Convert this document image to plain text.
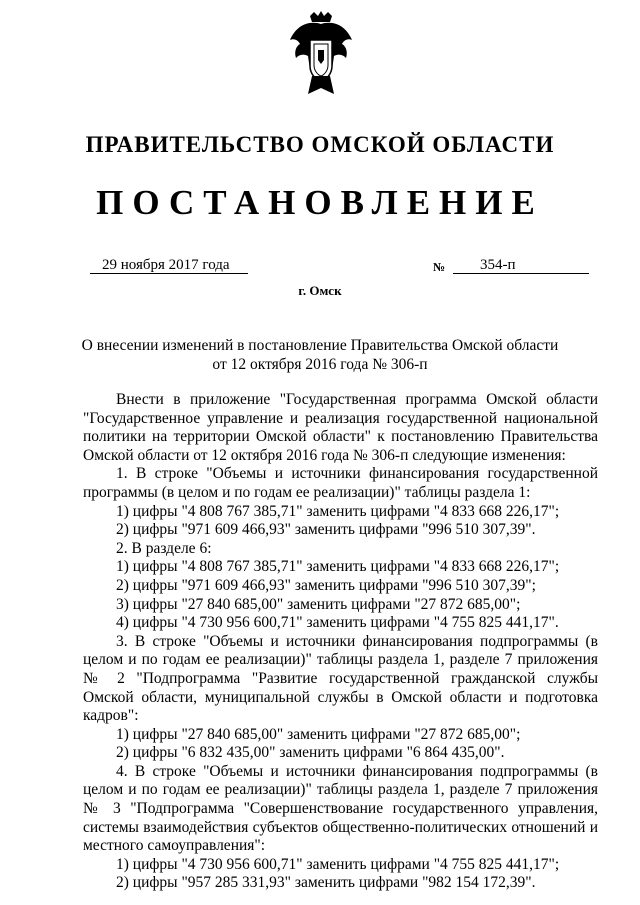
ПРАВИТЕЛЬСТВО ОМСКОЙ ОБЛАСТИ
ПОСТАНОВЛЕНИЕ
29 ноября 2017 года	№	354-п
г. Омск
О внесении изменений в постановление Правительства Омской области
от 12 октября 2016 года № 306-п

Внести в приложение "Государственная программа Омской области "Государственное управление и реализация государственной национальной политики на территории Омской области" к постановлению Правительства Омской области от 12 октября 2016 года № 306-п следующие изменения:

1. В строке "Объемы и источники финансирования государственной программы (в целом и по годам ее реализации)" таблицы раздела 1:

1) цифры "4 808 767 385,71" заменить цифрами "4 833 668 226,17";

2) цифры "971 609 466,93" заменить цифрами "996 510 307,39".

2. В разделе 6:

1) цифры "4 808 767 385,71" заменить цифрами "4 833 668 226,17";

2) цифры "971 609 466,93" заменить цифрами "996 510 307,39";

3) цифры "27 840 685,00" заменить цифрами "27 872 685,00";

4) цифры "4 730 956 600,71" заменить цифрами "4 755 825 441,17".

3. В строке "Объемы и источники финансирования подпрограммы (в целом и по годам ее реализации)" таблицы раздела 1, разделе 7 приложения № 2 "Подпрограмма "Развитие государственной гражданской службы Омской области, муниципальной службы в Омской области и подготовка кадров":

1) цифры "27 840 685,00" заменить цифрами "27 872 685,00";

2) цифры "6 832 435,00" заменить цифрами "6 864 435,00".

4. В строке "Объемы и источники финансирования подпрограммы (в целом и по годам ее реализации)" таблицы раздела 1, разделе 7 приложения № 3 "Подпрограмма "Совершенствование государственного управления, системы взаимодействия субъектов общественно-политических отношений и местного самоуправления":

1) цифры "4 730 956 600,71" заменить цифрами "4 755 825 441,17";

2) цифры "957 285 331,93" заменить цифрами "982 154 172,39".
